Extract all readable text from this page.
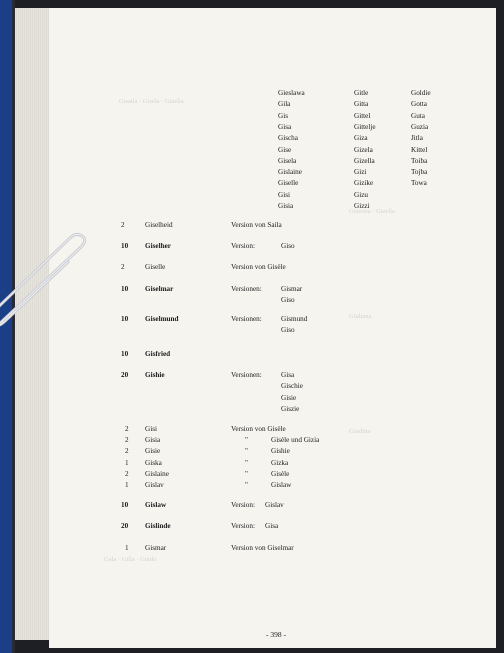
Gisaila · Gisela · Gizella
Gizerisa · Gizella
Giuliana
Giuditta
Gala · Gilla · Guido
Gieslawa
Gila
Gis
Gisa
Gischa
Gise
Gisela
Gislaine
Giselle
Gisi
Gisia
Gitle
Gitta
Gittel
Gittelje
Giza
Gizela
Gizella
Gizi
Gizike
Gizu
Gizzi
Goldie
Gotta
Guta
Guzia
Jitla
Kittel
Toiba
Tojba
Towa
2	Giselheid	Version von Saila
10 Giselher	Version:	Giso
2	Giselle	Version von Gisèle
10 Giselmar	Versionen:	Gismar
Giso
10 Giselmund	Versionen:	Gismund
Giso
10 Gisfried
20 Gishie	Versionen:	Gisa
Gischie
Gisie
Giszie
2 Gisi	Version von Gisèle
2 Gisia	"	Gisèle und Gizia
2 Gisie	"	Gishie
1 Giska	"	Gizka
2 Gislaine	"	Gisèle
1 Gislav	"	Gislaw
10 Gislaw	Version: Gislav
20 Gislinde	Version: Gisa
1 Gismar	Version von Giselmar
- 398 -
